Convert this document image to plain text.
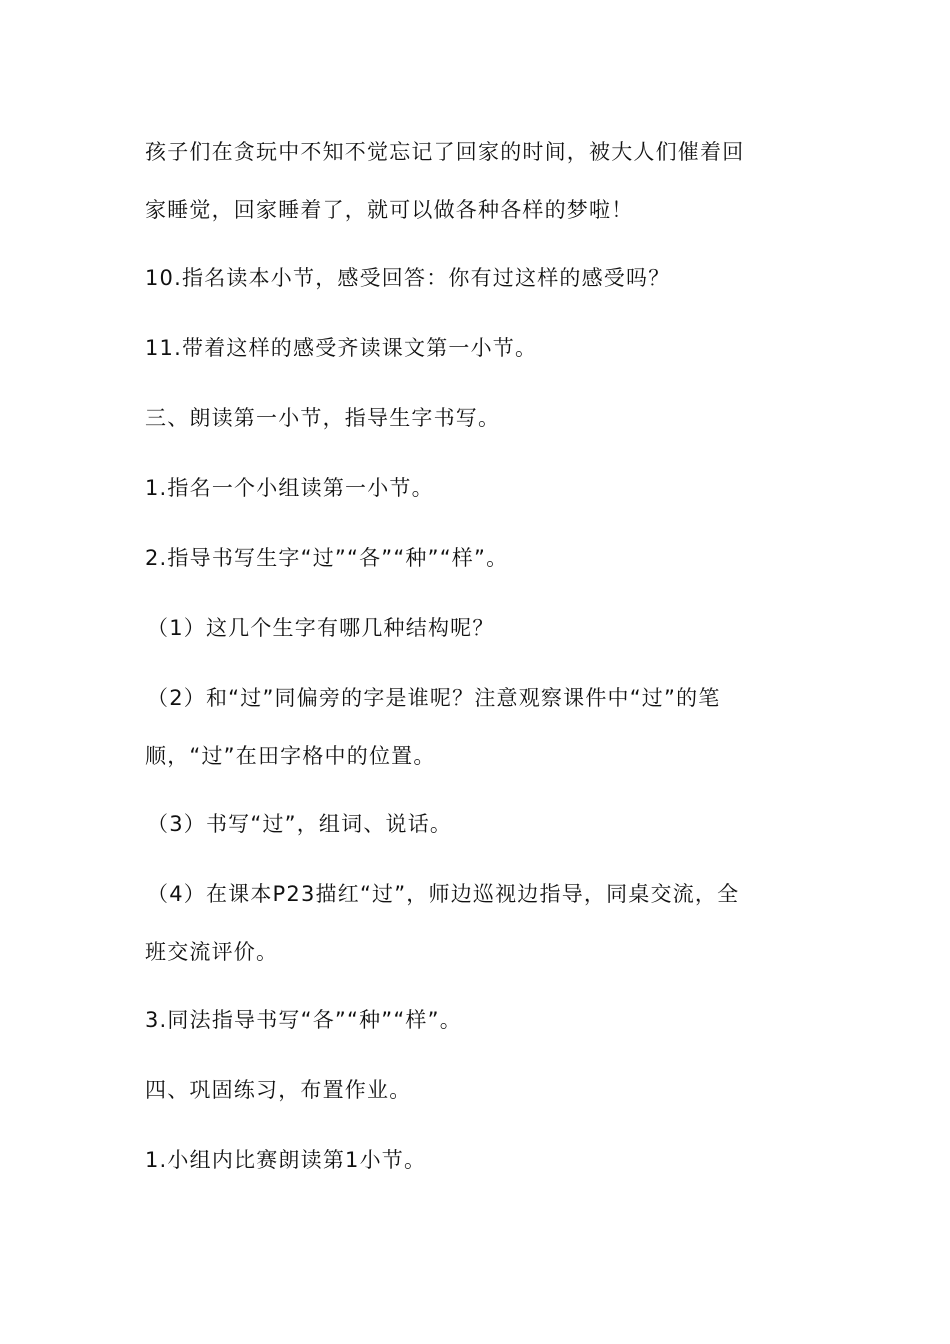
孩子们在贪玩中不知不觉忘记了回家的时间，被大人们催着回
家睡觉，回家睡着了，就可以做各种各样的梦啦！
10.指名读本小节，感受回答：你有过这样的感受吗？
11.带着这样的感受齐读课文第一小节。
三、朗读第一小节，指导生字书写。
1.指名一个小组读第一小节。
2.指导书写生字“过”“各”“种”“样”。
（1）这几个生字有哪几种结构呢？
（2）和“过”同偏旁的字是谁呢？注意观察课件中“过”的笔
顺，“过”在田字格中的位置。
（3）书写“过”，组词、说话。
（4）在课本P23描红“过”，师边巡视边指导，同桌交流，全
班交流评价。
3.同法指导书写“各”“种”“样”。
四、巩固练习，布置作业。
1.小组内比赛朗读第1小节。
